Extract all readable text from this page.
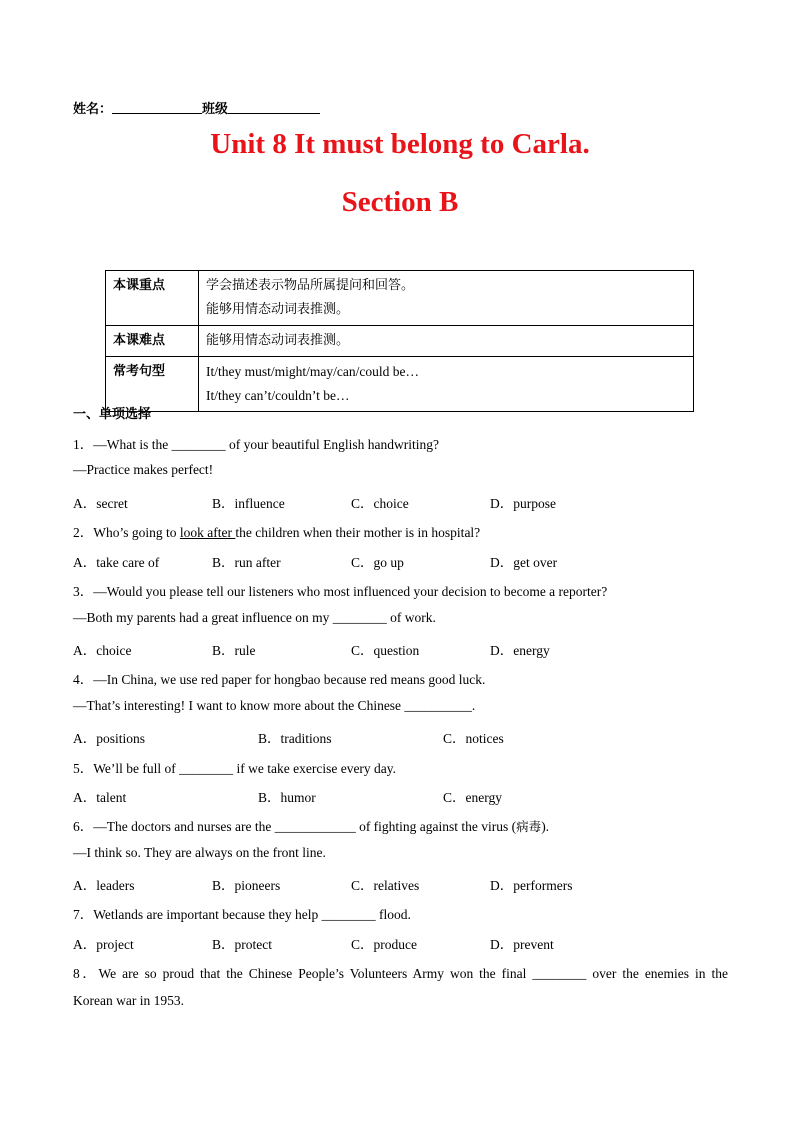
姓名：	班级
Unit 8 It must belong to Carla.
Section B
本课重点	学会描述表示物品所属提问和回答。
能够用情态动词表推测。

本课难点	能够用情态动词表推测。

常考句型	It/they must/might/may/can/could be…
It/they can’t/couldn’t be…
一、单项选择
1．—What is the ________ of your beautiful English handwriting?
—Practice makes perfect!
A．secret	B．influence	C．choice	D．purpose
2．Who’s going to look after the children when their mother is in hospital?
A．take care of	B．run after	C．go up	D．get over
3．—Would you please tell our listeners who most influenced your decision to become a reporter?
—Both my parents had a great influence on my ________ of work.
A．choice	B．rule	C．question	D．energy
4．—In China, we use red paper for hongbao because red means good luck.
—That’s interesting! I want to know more about the Chinese __________.
A．positions	B．traditions	C．notices
5．We’ll be full of ________ if we take exercise every day.
A．talent	B．humor	C．energy
6．—The doctors and nurses are the ____________ of fighting against the virus (病毒).
—I think so. They are always on the front line.
A．leaders	B．pioneers	C．relatives	D．performers
7．Wetlands are important because they help ________ flood.
A．project	B．protect	C．produce	D．prevent
8．We are so proud that the Chinese People’s Volunteers Army won the final ________ over the enemies in the
Korean war in 1953.
